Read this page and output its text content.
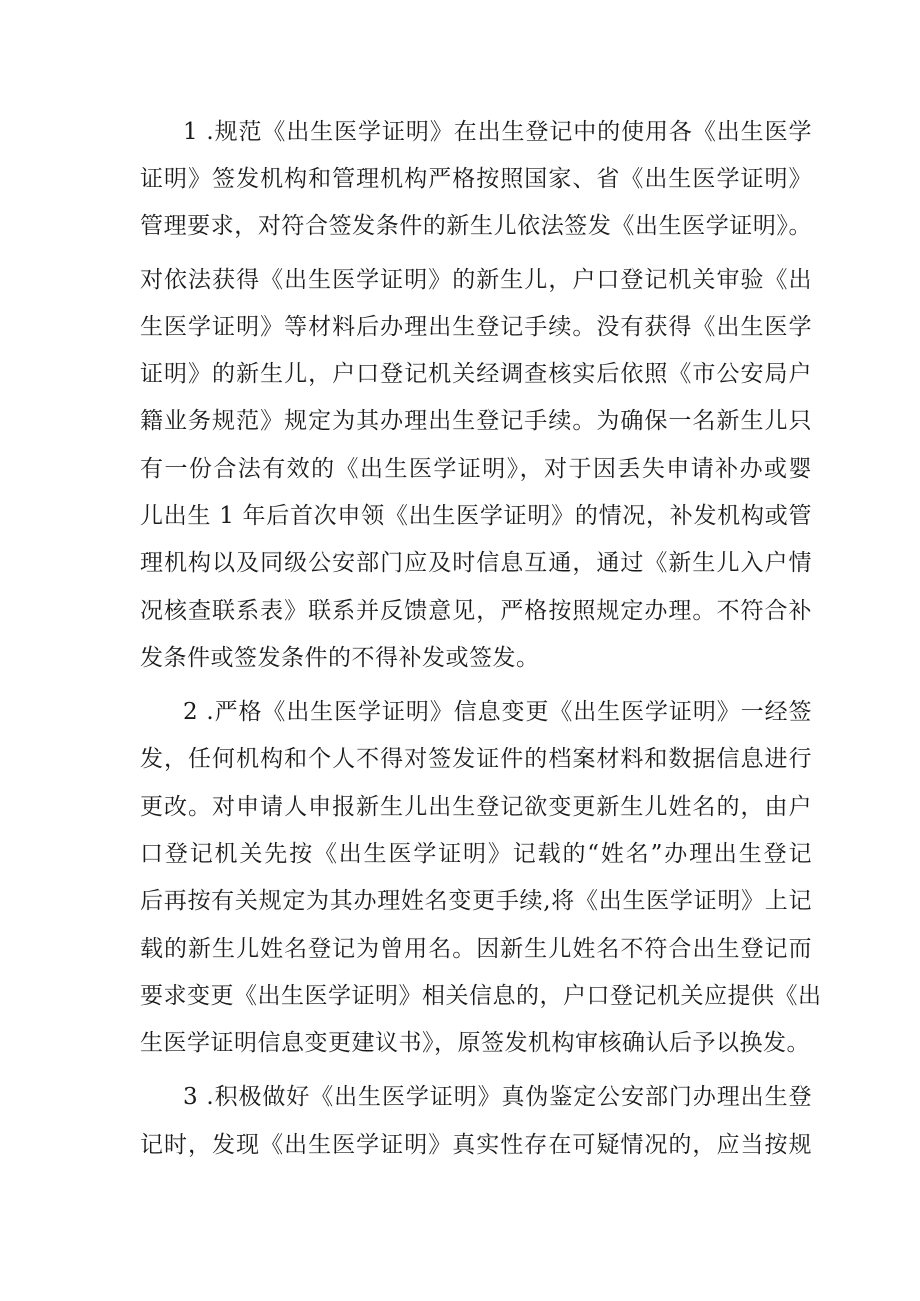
1 .规范《出生医学证明》在出生登记中的使用各《出生医学
证明》签发机构和管理机构严格按照国家、省《出生医学证明》
管理要求，对符合签发条件的新生儿依法签发《出生医学证明》。
对依法获得《出生医学证明》的新生儿，户口登记机关审验《出
生医学证明》等材料后办理出生登记手续。没有获得《出生医学
证明》的新生儿，户口登记机关经调查核实后依照《市公安局户
籍业务规范》规定为其办理出生登记手续。为确保一名新生儿只
有一份合法有效的《出生医学证明》，对于因丢失申请补办或婴
儿出生 1 年后首次申领《出生医学证明》的情况，补发机构或管
理机构以及同级公安部门应及时信息互通，通过《新生儿入户情
况核查联系表》联系并反馈意见，严格按照规定办理。不符合补
发条件或签发条件的不得补发或签发。
2 .严格《出生医学证明》信息变更《出生医学证明》一经签
发，任何机构和个人不得对签发证件的档案材料和数据信息进行
更改。对申请人申报新生儿出生登记欲变更新生儿姓名的，由户
口登记机关先按《出生医学证明》记载的“姓名”办理出生登记
后再按有关规定为其办理姓名变更手续,将《出生医学证明》上记
载的新生儿姓名登记为曾用名。因新生儿姓名不符合出生登记而
要求变更《出生医学证明》相关信息的，户口登记机关应提供《出
生医学证明信息变更建议书》，原签发机构审核确认后予以换发。
3 .积极做好《出生医学证明》真伪鉴定公安部门办理出生登
记时，发现《出生医学证明》真实性存在可疑情况的，应当按规
